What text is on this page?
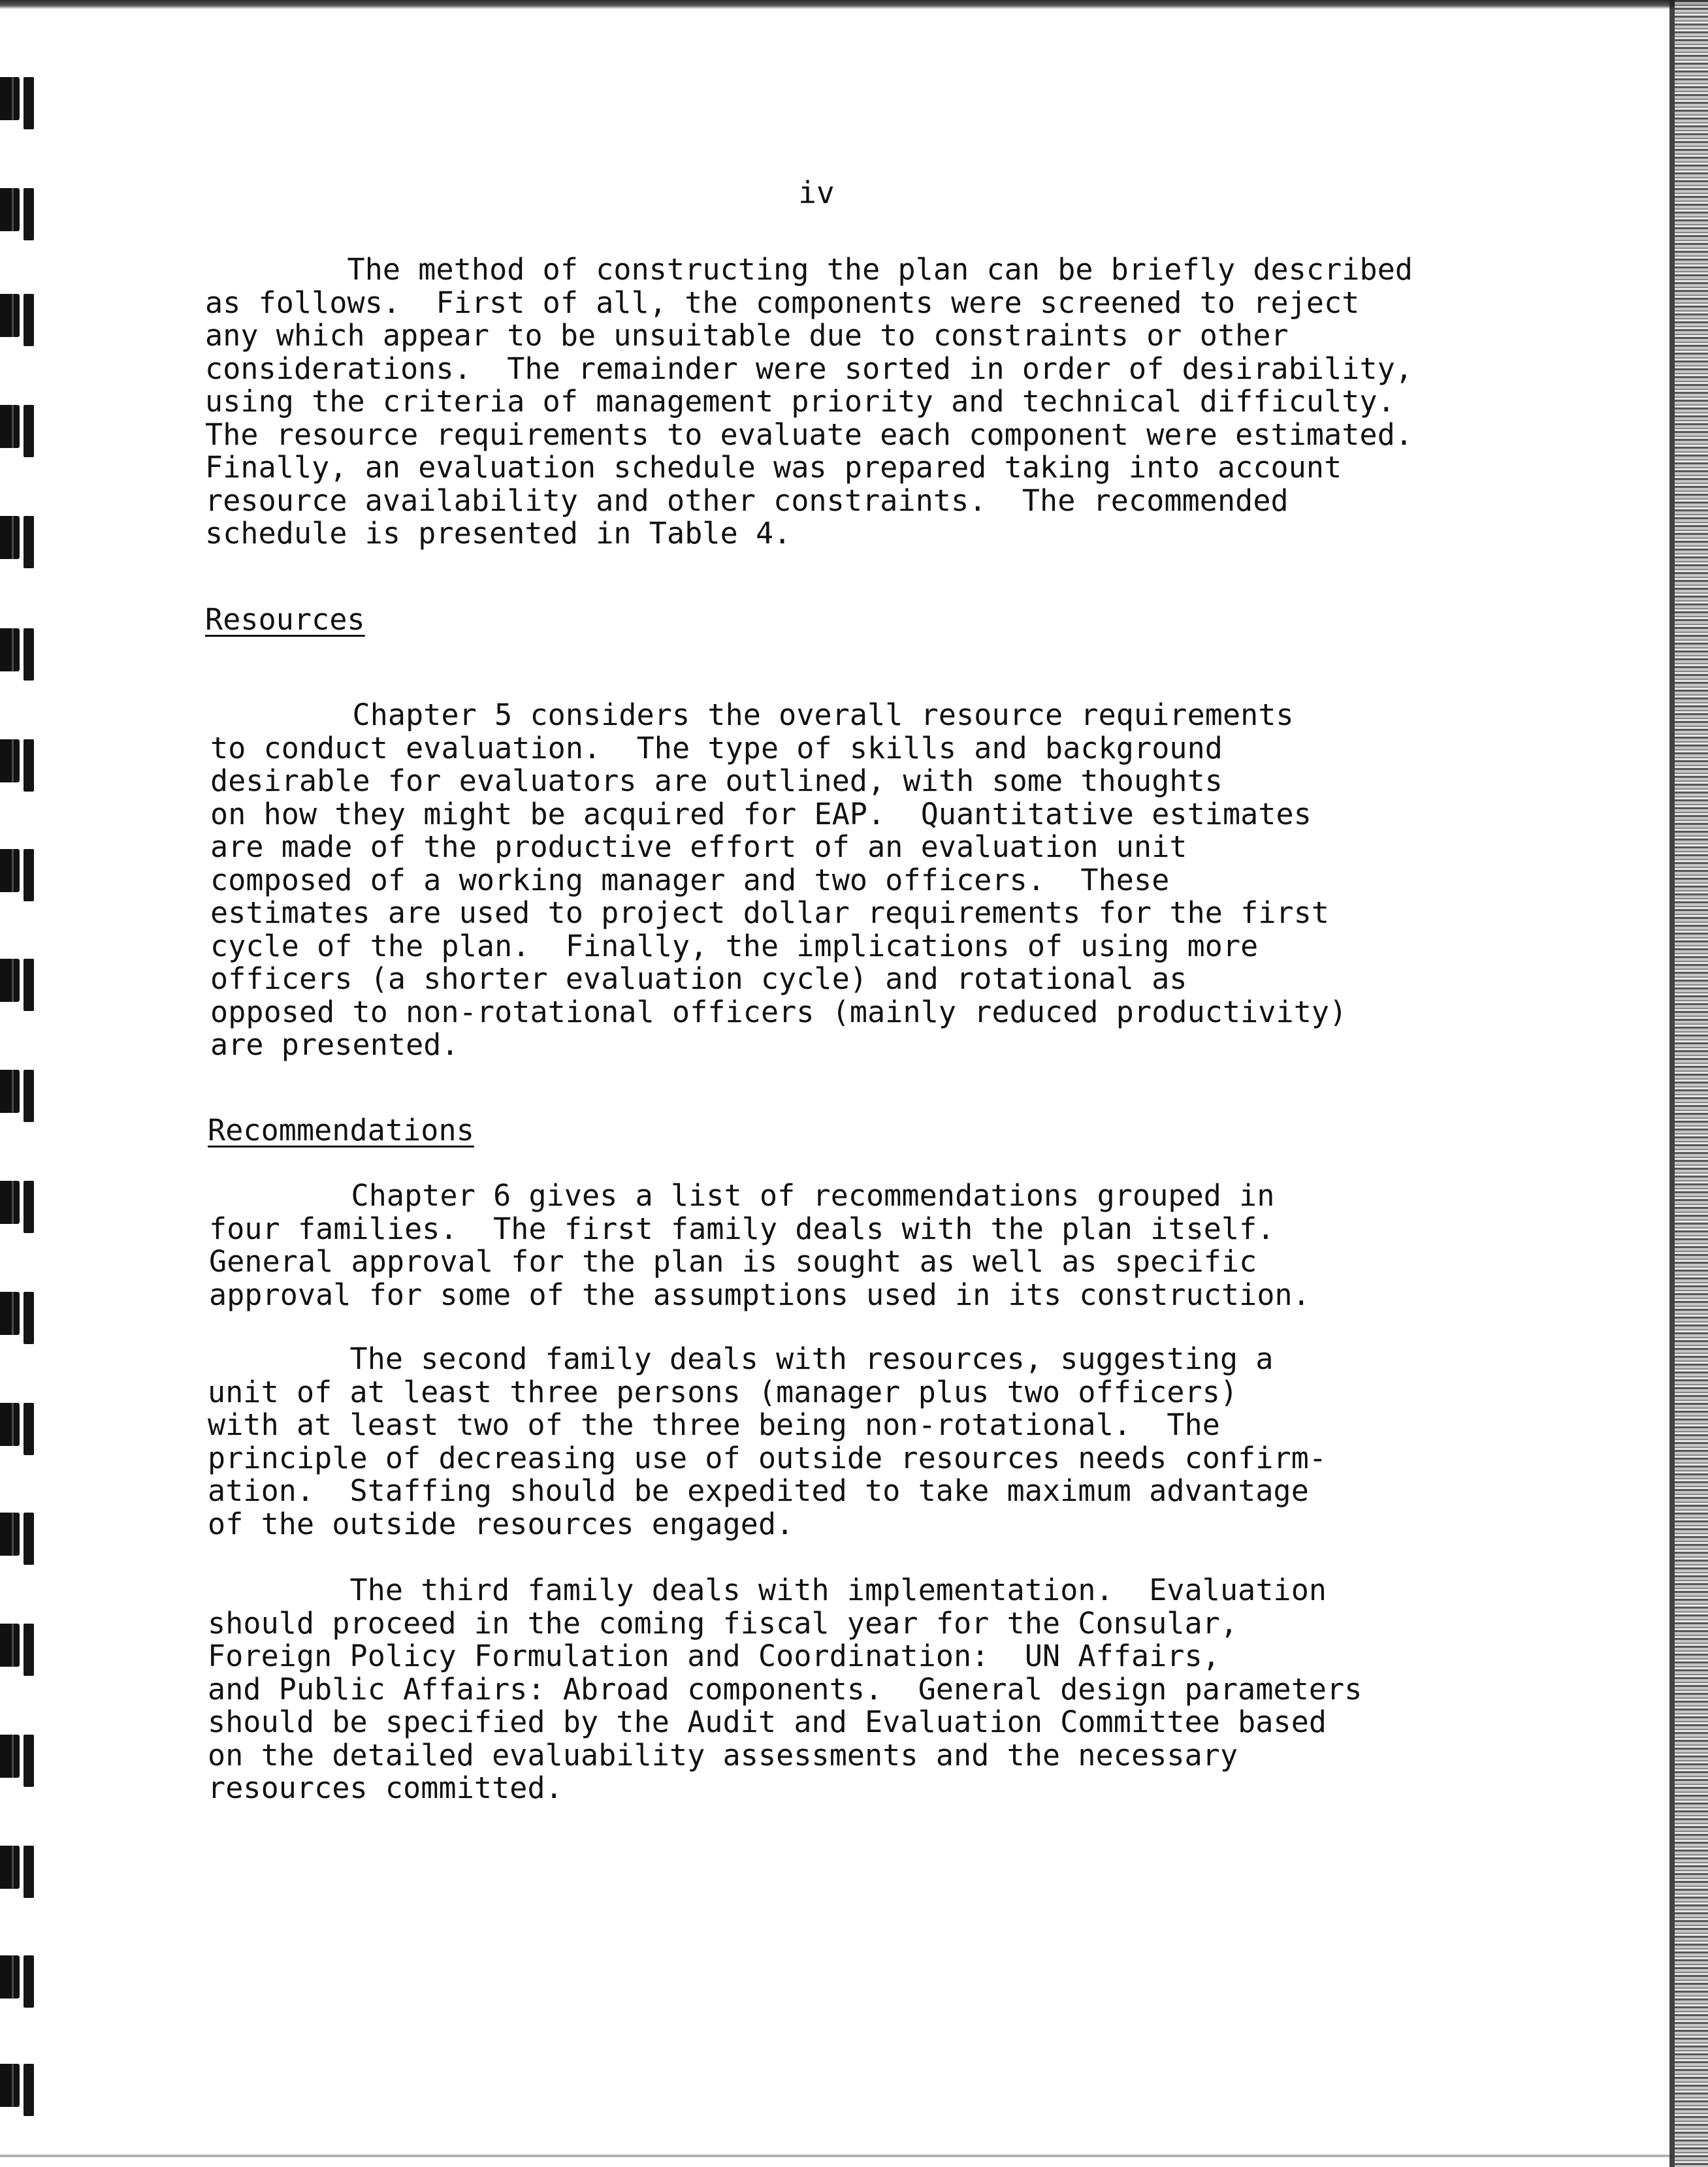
iv

The method of constructing the plan can be briefly described
as follows.  First of all, the components were screened to reject
any which appear to be unsuitable due to constraints or other
considerations.  The remainder were sorted in order of desirability,
using the criteria of management priority and technical difficulty.
The resource requirements to evaluate each component were estimated.
Finally, an evaluation schedule was prepared taking into account
resource availability and other constraints.  The recommended
schedule is presented in Table 4.

Resources

Chapter 5 considers the overall resource requirements
to conduct evaluation.  The type of skills and background
desirable for evaluators are outlined, with some thoughts
on how they might be acquired for EAP.  Quantitative estimates
are made of the productive effort of an evaluation unit
composed of a working manager and two officers.  These
estimates are used to project dollar requirements for the first
cycle of the plan.  Finally, the implications of using more
officers (a shorter evaluation cycle) and rotational as
opposed to non-rotational officers (mainly reduced productivity)
are presented.

Recommendations

Chapter 6 gives a list of recommendations grouped in
four families.  The first family deals with the plan itself.
General approval for the plan is sought as well as specific
approval for some of the assumptions used in its construction.

The second family deals with resources, suggesting a
unit of at least three persons (manager plus two officers)
with at least two of the three being non-rotational.  The
principle of decreasing use of outside resources needs confirm-
ation.  Staffing should be expedited to take maximum advantage
of the outside resources engaged.

The third family deals with implementation.  Evaluation
should proceed in the coming fiscal year for the Consular,
Foreign Policy Formulation and Coordination:  UN Affairs,
and Public Affairs: Abroad components.  General design parameters
should be specified by the Audit and Evaluation Committee based
on the detailed evaluability assessments and the necessary
resources committed.
